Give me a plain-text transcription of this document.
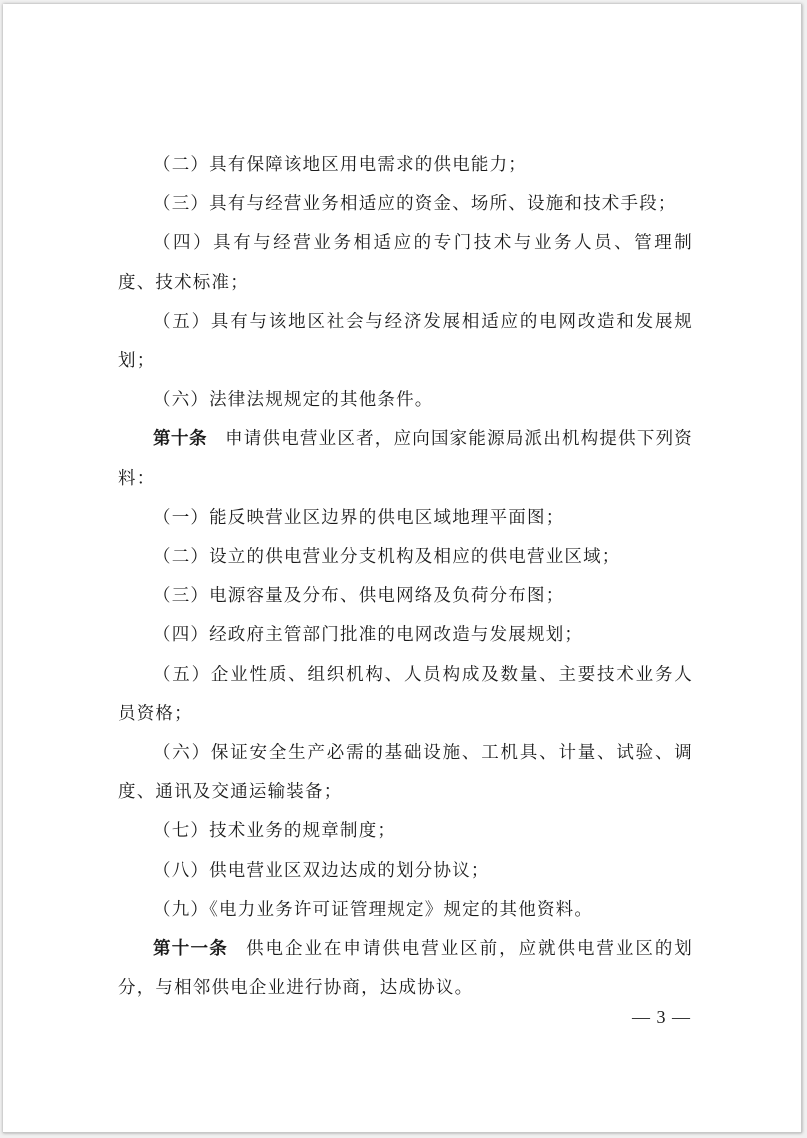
（二）具有保障该地区用电需求的供电能力；

（三）具有与经营业务相适应的资金、场所、设施和技术手段；

（四）具有与经营业务相适应的专门技术与业务人员、管理制度、技术标准；

（五）具有与该地区社会与经济发展相适应的电网改造和发展规划；

（六）法律法规规定的其他条件。

第十条 申请供电营业区者，应向国家能源局派出机构提供下列资料：

（一）能反映营业区边界的供电区域地理平面图；

（二）设立的供电营业分支机构及相应的供电营业区域；

（三）电源容量及分布、供电网络及负荷分布图；

（四）经政府主管部门批准的电网改造与发展规划；

（五）企业性质、组织机构、人员构成及数量、主要技术业务人员资格；

（六）保证安全生产必需的基础设施、工机具、计量、试验、调度、通讯及交通运输装备；

（七）技术业务的规章制度；

（八）供电营业区双边达成的划分协议；

（九）《电力业务许可证管理规定》规定的其他资料。

第十一条 供电企业在申请供电营业区前，应就供电营业区的划分，与相邻供电企业进行协商，达成协议。

— 3 —
